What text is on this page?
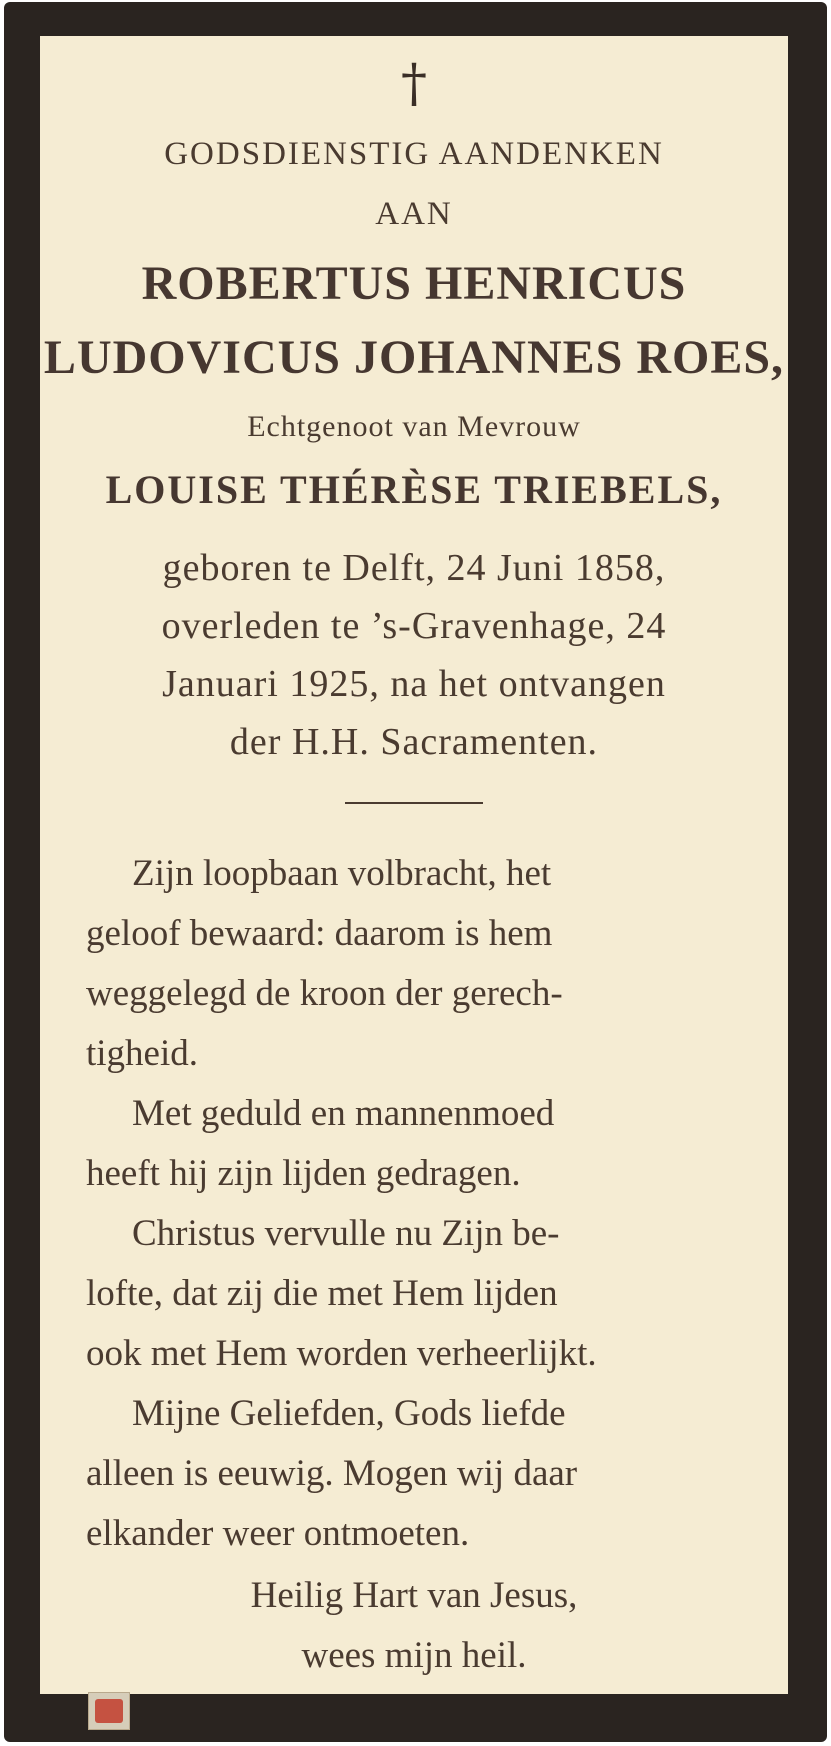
†
GODSDIENSTIG AANDENKEN
AAN
ROBERTUS HENRICUS
LUDOVICUS JOHANNES ROES,
Echtgenoot van Mevrouw
LOUISE THÉRÈSE TRIEBELS,
geboren te Delft, 24 Juni 1858,
overleden te ’s-Gravenhage, 24
Januari 1925, na het ontvangen
der H.H. Sacramenten.
Zijn loopbaan volbracht, het
geloof bewaard: daarom is hem
weggelegd de kroon der gerech-
tigheid.
Met geduld en mannenmoed
heeft hij zijn lijden gedragen.
Christus vervulle nu Zijn be-
lofte, dat zij die met Hem lijden
ook met Hem worden verheerlijkt.
Mijne Geliefden, Gods liefde
alleen is eeuwig. Mogen wij daar
elkander weer ontmoeten.
Heilig Hart van Jesus,
wees mijn heil.
